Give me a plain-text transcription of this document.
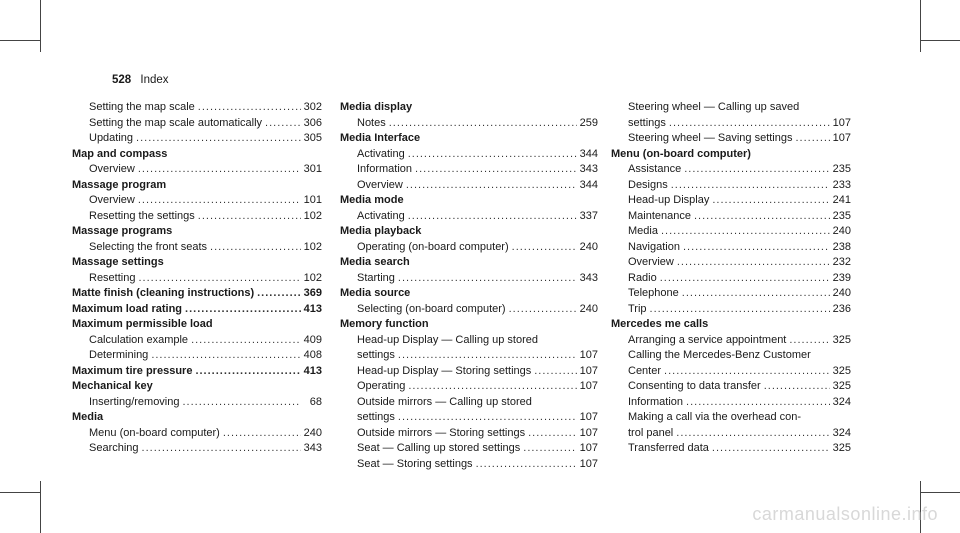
528 Index
Setting the map scale .....	302
Setting the map scale automatically .....	306
Updating .....	305
Map and compass
Overview .....	301
Massage program
Overview .....	101
Resetting the settings .....	102
Massage programs
Selecting the front seats .....	102
Massage settings
Resetting .....	102
Matte finish (cleaning instructions) .....	369
Maximum load rating .....	413
Maximum permissible load
Calculation example .....	409
Determining .....	408
Maximum tire pressure .....	413
Mechanical key
Inserting/removing .....	68
Media
Menu (on-board computer) .....	240
Searching .....	343
Media display
Notes .....	259
Media Interface
Activating .....	344
Information .....	343
Overview .....	344
Media mode
Activating .....	337
Media playback
Operating (on-board computer) .....	240
Media search
Starting .....	343
Media source
Selecting (on-board computer) .....	240
Memory function
Head-up Display — Calling up stored
settings .....	107
Head-up Display — Storing settings .....	107
Operating .....	107
Outside mirrors — Calling up stored
settings .....	107
Outside mirrors — Storing settings .....	107
Seat — Calling up stored settings .....	107
Seat — Storing settings .....	107
Steering wheel — Calling up saved
settings .....	107
Steering wheel — Saving settings .....	107
Menu (on-board computer)
Assistance .....	235
Designs .....	233
Head-up Display .....	241
Maintenance .....	235
Media .....	240
Navigation .....	238
Overview .....	232
Radio .....	239
Telephone .....	240
Trip .....	236
Mercedes me calls
Arranging a service appointment .....	325
Calling the Mercedes-Benz Customer
Center .....	325
Consenting to data transfer .....	325
Information .....	324
Making a call via the overhead con-
trol panel .....	324
Transferred data .....	325
carmanualsonline.info
